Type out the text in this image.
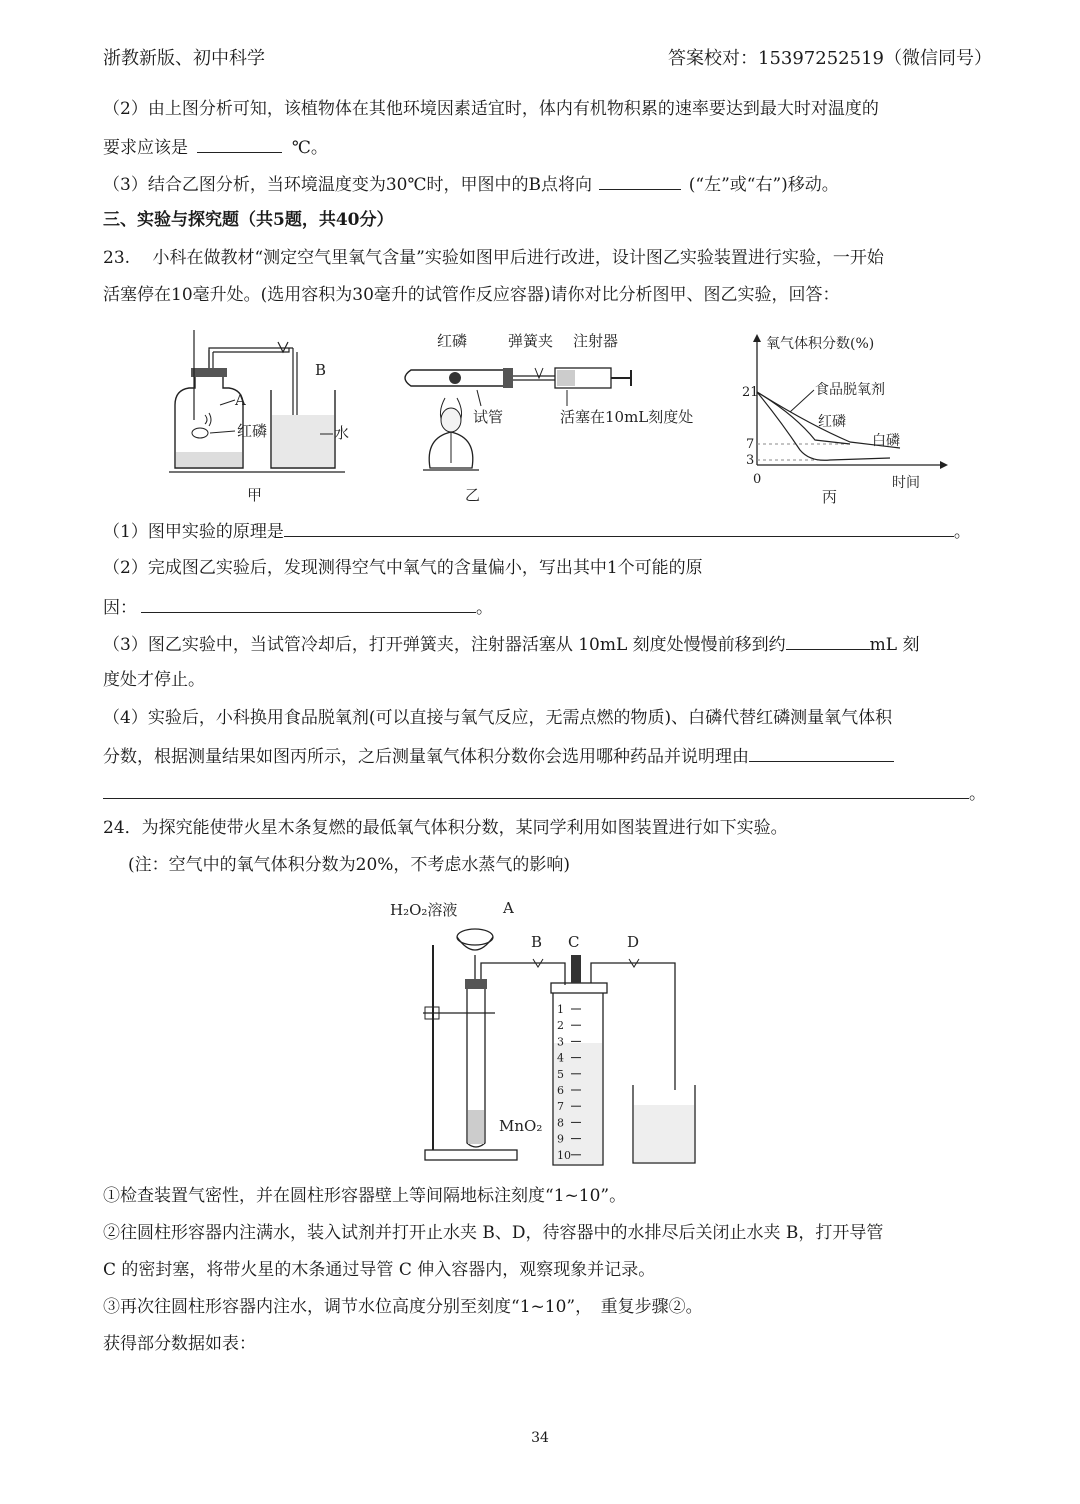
浙教新版、初中科学	答案校对：15397252519（微信同号）
（2）由上图分析可知，该植物体在其他环境因素适宜时，体内有机物积累的速率要达到最大时对温度的
要求应该是	℃。
（3）结合乙图分析，当环境温度变为30℃时，甲图中的B点将向	(“左”或“右”)移动。
三、实验与探究题（共5题，共40分）
23.　 小科在做教材“测定空气里氧气含量”实验如图甲后进行改进，设计图乙实验装置进行实验，一开始
活塞停在10毫升处。(选用容积为30毫升的试管作反应容器)请你对比分析图甲、图乙实验，回答：
B
A
红磷	水
甲
红磷	弹簧夹 注射器
试管	活塞在10mL刻度处
乙
氧气体积分数(%)
21
7
3
0	时间
食品脱氧剂
红磷
白磷
丙
（1）图甲实验的原理是	。
（2）完成图乙实验后，发现测得空气中氧气的含量偏小，写出其中1个可能的原
因：	。
（3）图乙实验中，当试管冷却后，打开弹簧夹，注射器活塞从 10mL 刻度处慢慢前移到约	mL 刻
度处才停止。
（4）实验后，小科换用食品脱氧剂(可以直接与氧气反应，无需点燃的物质)、白磷代替红磷测量氧气体积
分数，根据测量结果如图丙所示，之后测量氧气体积分数你会选用哪种药品并说明理由
。
24．为探究能使带火星木条复燃的最低氧气体积分数，某同学利用如图装置进行如下实验。
(注：空气中的氧气体积分数为20%，不考虑水蒸气的影响)
H₂O₂溶液	A
B C	D
MnO₂
1
2
3
4
5
6
7
8
9
10
①检查装置气密性，并在圆柱形容器壁上等间隔地标注刻度“1~10”。
②往圆柱形容器内注满水，装入试剂并打开止水夹 B、D，待容器中的水排尽后关闭止水夹 B，打开导管
C 的密封塞，将带火星的木条通过导管 C 伸入容器内，观察现象并记录。
③再次往圆柱形容器内注水，调节水位高度分别至刻度“1~10”，　重复步骤②。
获得部分数据如表：
34
